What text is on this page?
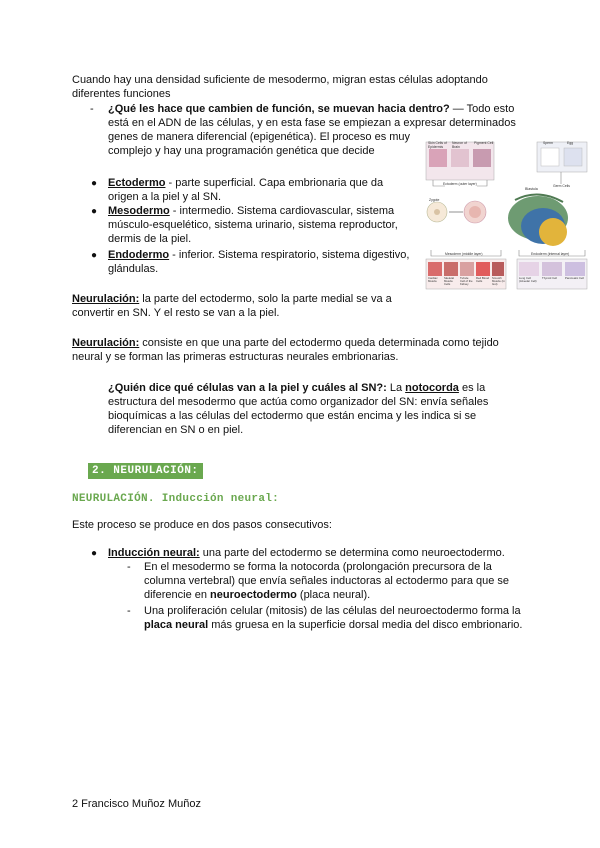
Cuando hay una densidad suficiente de mesodermo, migran estas células adoptando

diferentes funciones

- ¿Qué les hace que cambien de función, se muevan hacia dentro? — Todo esto

está en el ADN de las células, y en esta fase se empiezan a expresar determinados

genes de manera diferencial (epigenética). El proceso es muy

complejo y hay una programación genética que decide

● Ectodermo - parte superficial. Capa embrionaria que da

origen a la piel y al SN.

● Mesodermo - intermedio. Sistema cardiovascular, sistema

músculo-esquelético, sistema urinario, sistema reproductor,

dermis de la piel.

● Endodermo - inferior. Sistema respiratorio, sistema digestivo,

glándulas.

Skin Cells of Epidermis
Neuron of Brain
Pigment Cell	Sperm	Egg
Ectoderm (outer layer)
Blastula
Zygote
Germ Cells
Mesoderm (middle layer)	Endoderm (internal layer)
Cardiac Muscle
Skeletal Muscle Cells
Tubule Cell of the Kidney
Red Blood Cells
Smooth Muscle (in Gut)
Lung Cell (Alveolar Cell)
Thyroid Cell	Pancreatic Cell

Neurulación: la parte del ectodermo, solo la parte medial se va a

convertir en SN. Y el resto se van a la piel.

Neurulación: consiste en que una parte del ectodermo queda determinada como tejido

neural y se forman las primeras estructuras neurales embrionarias.

¿Quién dice qué células van a la piel y cuáles al SN?: La notocorda es la

estructura del mesodermo que actúa como organizador del SN: envía señales

bioquímicas a las células del ectodermo que están encima y les indica si se

diferencian en SN o en piel.

2. NEURULACIÓN:
NEURULACIÓN. Inducción neural:
Este proceso se produce en dos pasos consecutivos:
● Inducción neural: una parte del ectodermo se determina como neuroectodermo.

- En el mesodermo se forma la notocorda (prolongación precursora de la

columna vertebral) que envía señales inductoras al ectodermo para que se

diferencie en neuroectodermo (placa neural).

- Una proliferación celular (mitosis) de las células del neuroectodermo forma la

placa neural más gruesa en la superficie dorsal media del disco embrionario.

2 Francisco Muñoz Muñoz
